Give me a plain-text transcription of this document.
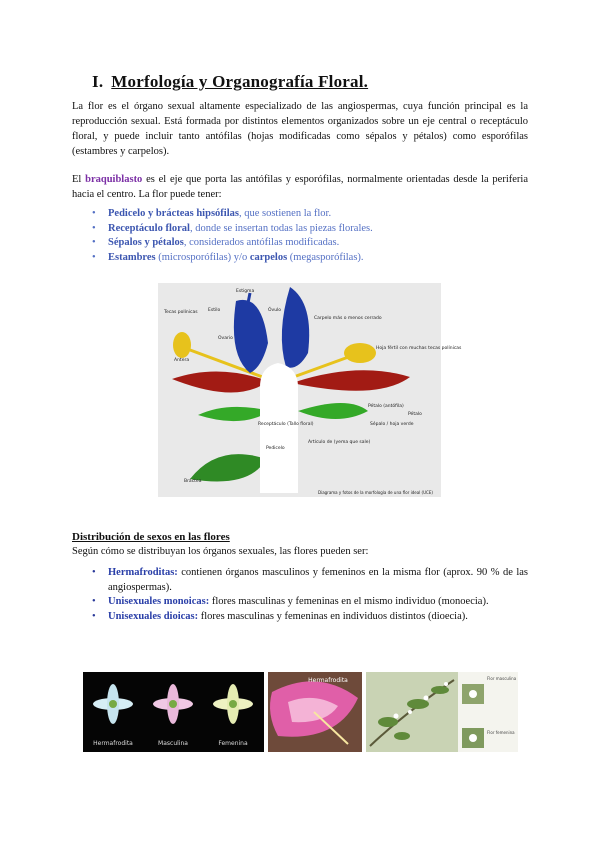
I. Morfología y Organografía Floral.

La flor es el órgano sexual altamente especializado de las angiospermas, cuya función principal es la reproducción sexual. Está formada por distintos elementos organizados sobre un eje central o receptáculo floral, y puede incluir tanto antófilas (hojas modificadas como sépalos y pétalos) como esporófilas (estambres y carpelos).

El braquiblasto es el eje que porta las antófilas y esporófilas, normalmente orientadas desde la periferia hacia el centro. La flor puede tener:

• Pedicelo y brácteas hipsófilas, que sostienen la flor.
• Receptáculo floral, donde se insertan todas las piezas florales.
• Sépalos y pétalos, considerados antófilas modificadas.
• Estambres (microsporófilas) y/o carpelos (megasporófilas).
Estigma
Estilo	Óvulo
Ovario
Tecas polínicas
Antera
Carpelo más o menos cerrado
Hoja fértil con muchas tecas polínicas
Pétalo (antófila)
Pétalo
Sépalo / hoja verde
Receptáculo (Tallo floral)
Pedicelo
Artículo de (yema que sale)
Bráctea
Diagrama y fotos de la morfología de una flor ideal (UCE)
Distribución de sexos en las flores
Según cómo se distribuyan los órganos sexuales, las flores pueden ser:
• Hermafroditas: contienen órganos masculinos y femeninos en la misma flor (aprox. 90 % de las angiospermas).
• Unisexuales monoicas: flores masculinas y femeninas en el mismo individuo (monoecia).
• Unisexuales dioicas: flores masculinas y femeninas en individuos distintos (dioecia).
Hermafrodita	Masculina	Femenina
Hermafrodita	Flor masculina
Flor femenina
